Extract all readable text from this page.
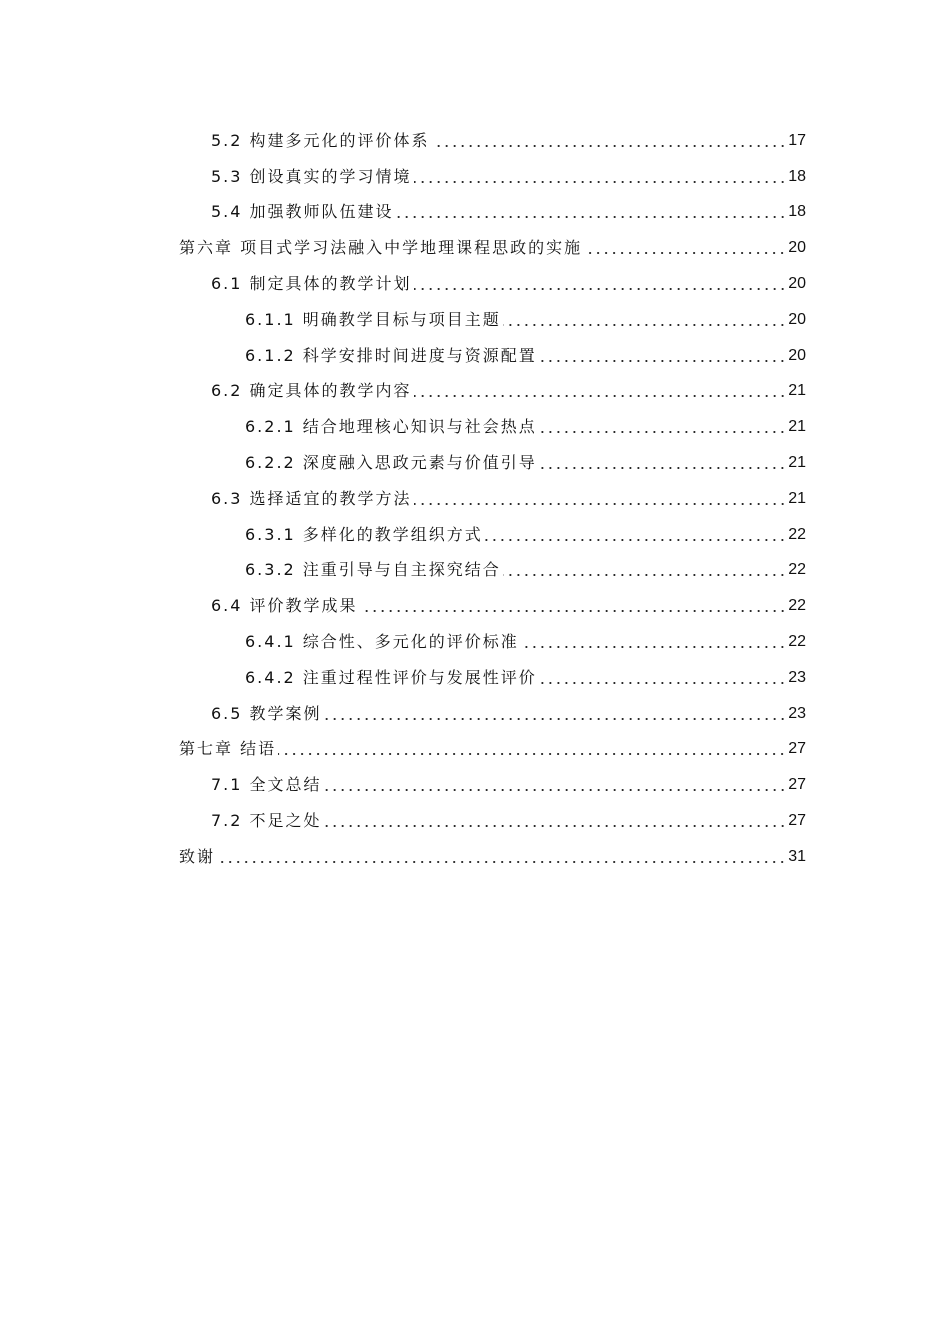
5.2 构建多元化的评价体系	17
5.3 创设真实的学习情境	18
5.4 加强教师队伍建设	18
第六章 项目式学习法融入中学地理课程思政的实施	20
6.1 制定具体的教学计划	20
6.1.1 明确教学目标与项目主题	20
6.1.2 科学安排时间进度与资源配置	20
6.2 确定具体的教学内容	21
6.2.1 结合地理核心知识与社会热点	21
6.2.2 深度融入思政元素与价值引导	21
6.3 选择适宜的教学方法	21
6.3.1 多样化的教学组织方式	22
6.3.2 注重引导与自主探究结合	22
6.4 评价教学成果	22
6.4.1 综合性、多元化的评价标准	22
6.4.2 注重过程性评价与发展性评价	23
6.5 教学案例	23
第七章 结语	27
7.1 全文总结	27
7.2 不足之处	27
致谢	31
